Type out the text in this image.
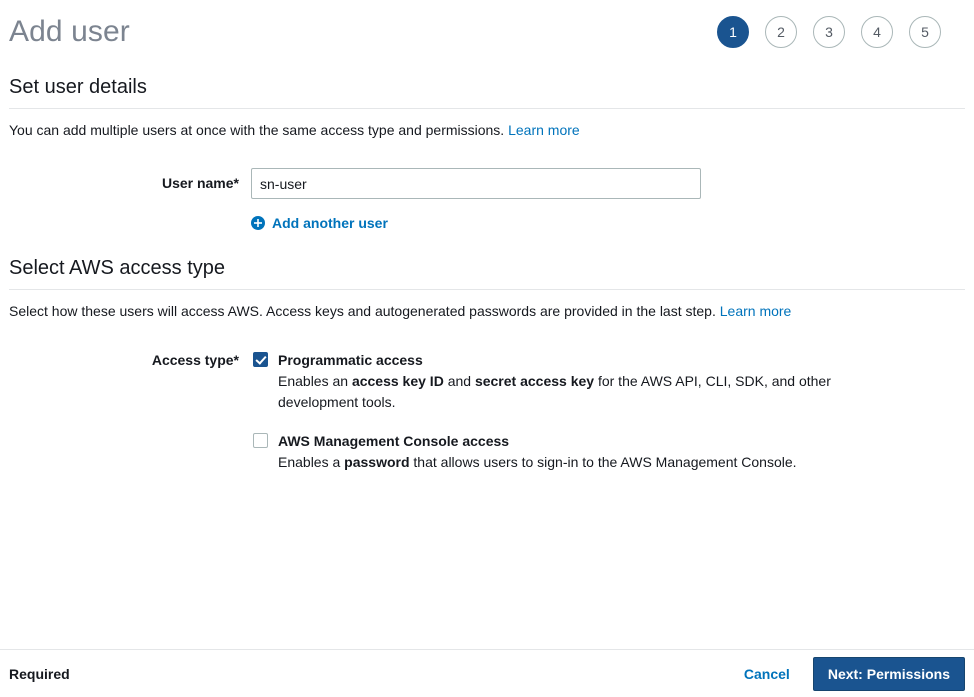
Add user	1	2	3	4	5
Set user details
You can add multiple users at once with the same access type and permissions. Learn more
User name*
sn-user
Add another user
Select AWS access type
Select how these users will access AWS. Access keys and autogenerated passwords are provided in the last step. Learn more
Access type*	Programmatic access
Enables an access key ID and secret access key for the AWS API, CLI, SDK, and other development tools.
AWS Management Console access
Enables a password that allows users to sign-in to the AWS Management Console.
Required	Cancel	Next: Permissions
